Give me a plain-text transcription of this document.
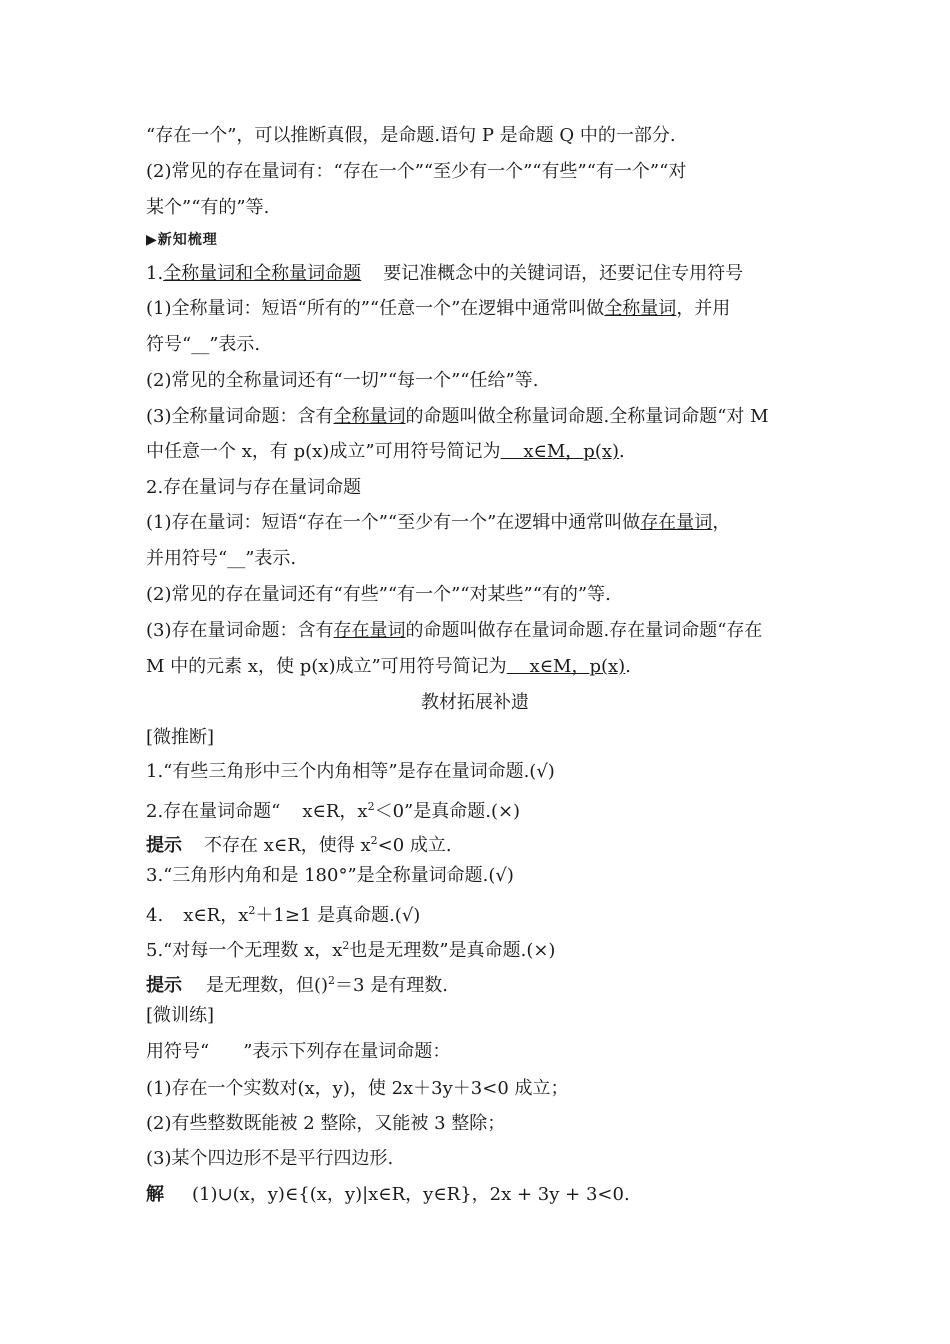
“存在一个”，可以推断真假，是命题.语句 P 是命题 Q 中的一部分.
(2)常见的存在量词有：“存在一个”“至少有一个”“有些”“有一个”“对
某个”“有的”等.
▶新知梳理
1.全称量词和全称量词命题 要记准概念中的关键词语，还要记住专用符号
(1)全称量词：短语“所有的”“任意一个”在逻辑中通常叫做全称量词，并用
符号“__”表示.
(2)常见的全称量词还有“一切”“每一个”“任给”等.
(3)全称量词命题：含有全称量词的命题叫做全称量词命题.全称量词命题“对 M
中任意一个 x，有 p(x)成立”可用符号简记为    x∈M，p(x).
2.存在量词与存在量词命题
(1)存在量词：短语“存在一个”“至少有一个”在逻辑中通常叫做存在量词，
并用符号“__”表示.
(2)常见的存在量词还有“有些”“有一个”“对某些”“有的”等.
(3)存在量词命题：含有存在量词的命题叫做存在量词命题.存在量词命题“存在
M 中的元素 x，使 p(x)成立”可用符号简记为    x∈M，p(x).
教材拓展补遗
[微推断]
1.“有些三角形中三个内角相等”是存在量词命题.(√)
2.存在量词命题“ x∈R，$x^2<0$”是真命题.(×)
提示 不存在 x∈R，使得 $x^2<0$ 成立.
3.“三角形内角和是 180°”是全称量词命题.(√)
4. x∈R，$x^2+1\ge 1$ 是真命题.(√)
5.“对每一个无理数 x，$x^2$也是无理数”是真命题.(×)
提示 是无理数，但()$^2$＝3 是有理数.
[微训练]
用符号“ ”表示下列存在量词命题：
(1)存在一个实数对(x，y)，使 2x＋3y＋3<0 成立；
(2)有些整数既能被 2 整除，又能被 3 整除；
(3)某个四边形不是平行四边形.
解 (1)∪(x，y)∈{(x，y)|x∈R，y∈R}，2x + 3y + 3<0.
